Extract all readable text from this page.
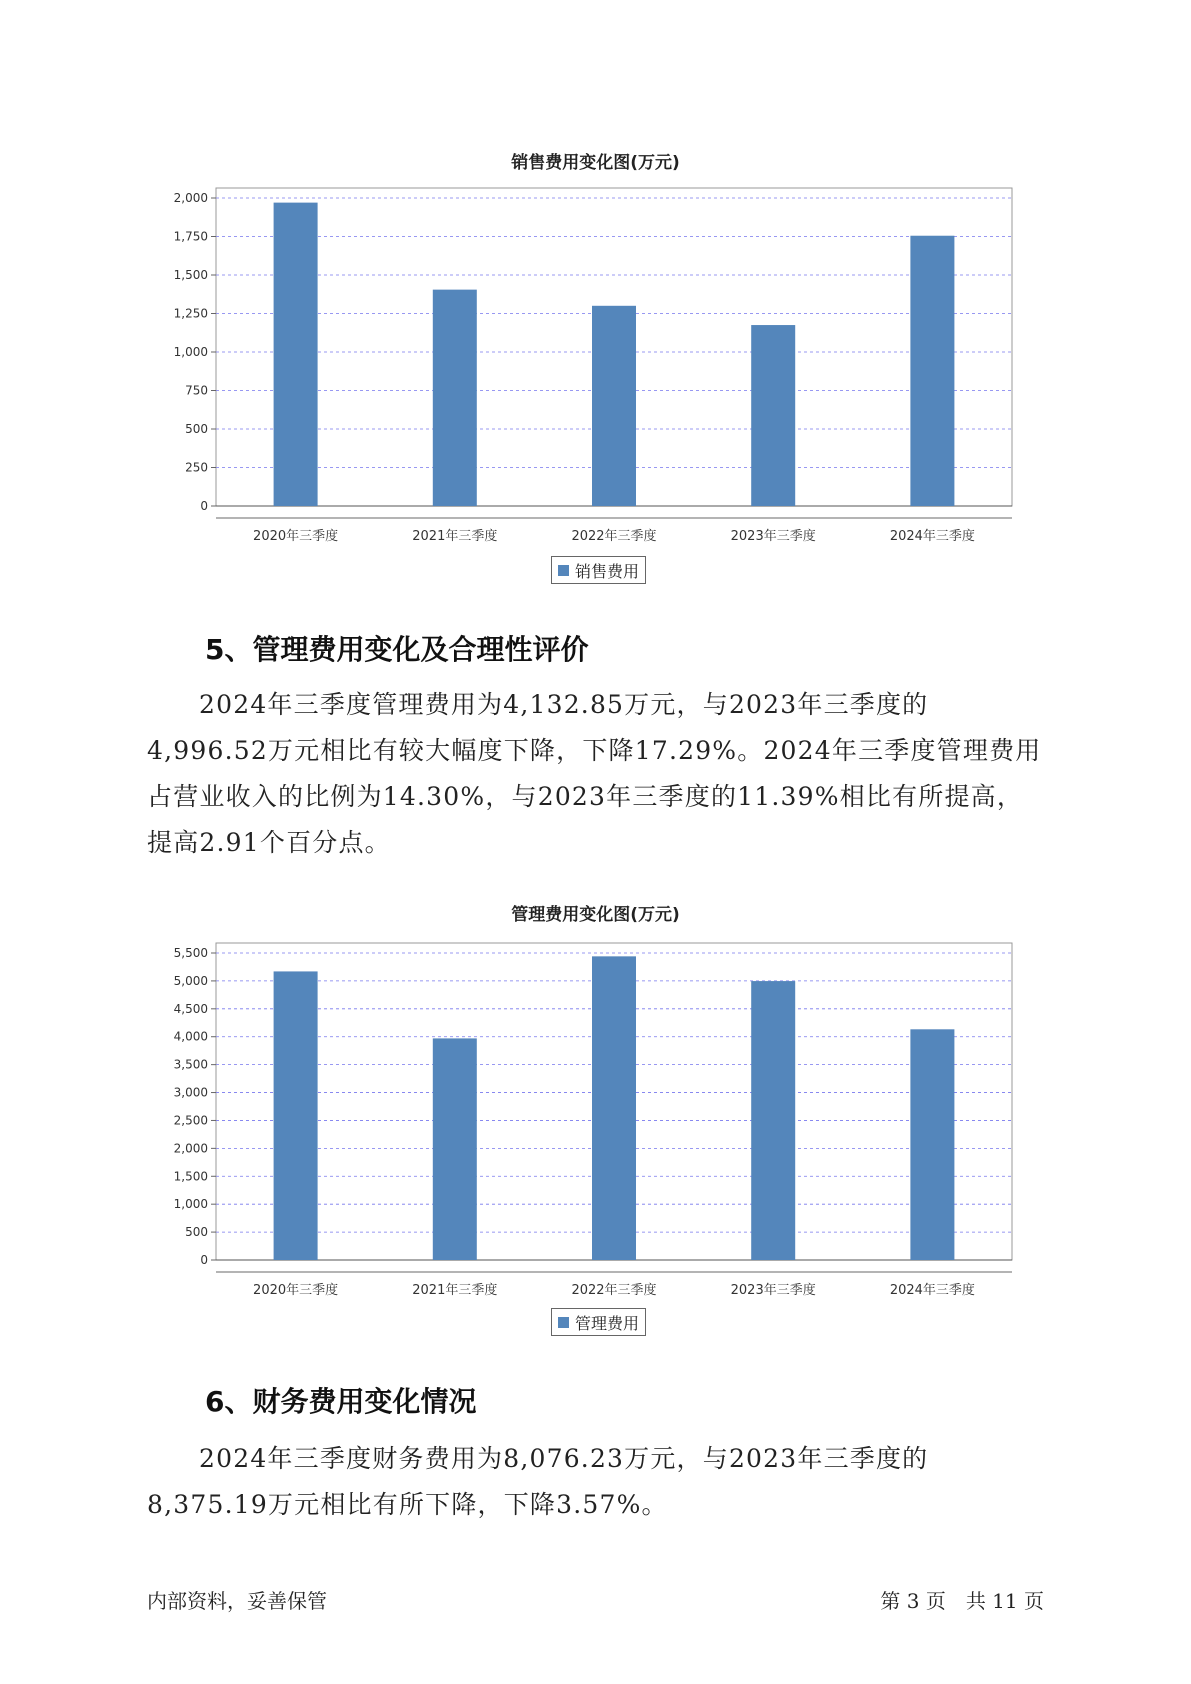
销售费用变化图(万元)
0
250
500
750
1,000
1,250
1,500
1,750
2,000
2020年三季度	2021年三季度	2022年三季度	2023年三季度	2024年三季度
销售费用
5、管理费用变化及合理性评价

2024年三季度管理费用为4,132.85万元，与2023年三季度的4,996.52万元相比有较大幅度下降，下降17.29%。2024年三季度管理费用占营业收入的比例为14.30%，与2023年三季度的11.39%相比有所提高，提高2.91个百分点。

管理费用变化图(万元)
0
500
1,000
1,500
2,000
2,500
3,000
3,500
4,000
4,500
5,000
5,500
2020年三季度	2021年三季度	2022年三季度	2023年三季度	2024年三季度
管理费用
6、财务费用变化情况

2024年三季度财务费用为8,076.23万元，与2023年三季度的8,375.19万元相比有所下降，下降3.57%。

内部资料，妥善保管	第 3 页　共 11 页
